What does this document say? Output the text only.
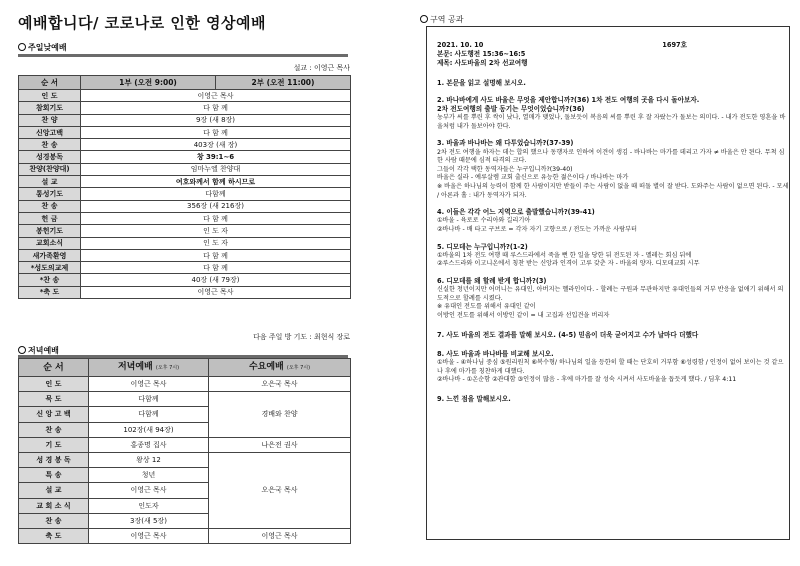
예배합니다/ 코로나로 인한 영상예배
주일낮예배
설교 : 이영근 목사
순 서	1부 (오전 9:00)	2부 (오전 11:00)
인 도	이영근 목사	
참회기도	다 함 께	
찬 양	9장 (새 8장)	
신앙고백	다 함 께	
찬 송	403장 (새 장)	
성경봉독	창 39:1~6	
찬양(찬양대)	임마누엘 찬양대	
설 교	여호와께서 함께 하시므로	
통성기도	다함께	
찬 송	356장 (새 216장)	
헌 금	다 함 께	
봉헌기도	인 도 자	
교회소식	인 도 자	
새가족환영	다 함 께	
*성도의교제	다 함 께	
*찬 송	40장 (새 79장)	
*축 도	이영근 목사	
다음 주일 방 기도 : 최현식 장로
저녁예배
순 서	저녁예배 (오후 7시)	수요예배 (오후 7시)
인 도	이영근 목사	오은국 목사
묵 도	다함께	경배와 찬양
신 앙 고 백	다함께	
찬 송	102장(새 94장)	
기 도	홍종명 집사	나은전 권사
성 경 봉 독	왕상 12	오은국 목사
특 송	청년	
설 교	이영근 목사	
교 회 소 식	인도자	
찬 송	3장(새 5장)	
축 도	이영근 목사	이영근 목사
구역 공과
2021. 10. 10	1697호
본문: 사도행전 15:36~16:5
제목: 사도바울의 2차 선교여행
1. 본문을 읽고 설명해 보시오.
2. 바나바에게 사도 바울은 무엇을 제안합니까?(36) 1차 전도 여행의 곳을 다시 돌아보자.
2차 전도여행의 출발 동기는 무엇이었습니까?(36)
농부가 씨를 뿌린 후 싹이 났나, 열매가 맺었나, 돌보듯이 복음의 씨를 뿌린 후 잘 자랐는가 돌보는 의미다. - 내가 전도한 영혼을 바울처럼 내가 돌보아야 한다.
3. 바울과 바나바는 왜 다투었습니까?(37-39)
2차 전도 여행을 하자는 데는 합의 했으나 동행자로 인하여 이견이 생김 - 바나바는 마가를 데리고 가자 ≠ 바울은 안 된다. 무척 심한 사람 때문에 심적 타격의 크다.
그들이 각각 택한 동역자들은 누구입니까?(39-40)
바울은 실라 - 예루살렘 교회 출신으로 유능한 젊은이다 / 바나바는 마가
※ 바울은 하나님의 능력이 함께 한 사람이지만 받들이 주는 사람이 없을 때 떠돌 별이 잘 받다. 도와주는 사람이 없으면 된다. - 모세 / 아론과 홀 : 내가 동역자가 되자.
4. 이들은 각각 어느 지역으로 출발했습니까?(39-41)
①바울 - 육로로 수리아와 길리기아
②바나바 - 배 타고 구브로 = 각자 자기 고향으로 / 전도는 가까운 사람부터
5. 디모데는 누구입니까?(1-2)
①바울의 1차 전도 여행 때 루스드라에서 죽을 뻔 한 일을 당한 뒤 전도된 자 - 멜레는 회심 뒤에
②루스드라와 이고니온에서 칭찬 받는 신앙과 인격이 고루 갖춘 자 - 바울의 양자. 디모데교회 시무
6. 디모데를 왜 할례 받게 합니까?(3)
신실한 청년이지만 어머니는 유대인, 아버지는 헬라인이다. - 할례는 구원과 무관하지만 유대인들의 거부 반응을 없애기 위해서 의도적으로 할례를 시켰다.
※ 유대인 전도를 위해서 유대인 같이
이방인 전도를 위해서 이방인 같이 = 내 고집과 선입견을 버리자
7. 사도 바울의 전도 결과를 말해 보시오. (4-5) 믿음이 더욱 굳어지고 수가 날마다 더했다
8. 사도 바울과 바나바를 비교해 보시오.
①바울 - ④하나님 중심 ⑤원리원칙 ⑥복수형/ 하나님의 일을 등한히 할 때는 단호히 거부함 ⑥성령함 / 인정이 없어 보이는 것 같으나 후에 마가를 칭찬하게 대했다.
②바나바 - ①온순함 ②관대함 ③인정이 많음 - 후에 마가를 잘 성숙 시켜서 사도바울을 돕듯게 했다. / 딤후 4:11
9. 느낀 점을 말해보시오.
